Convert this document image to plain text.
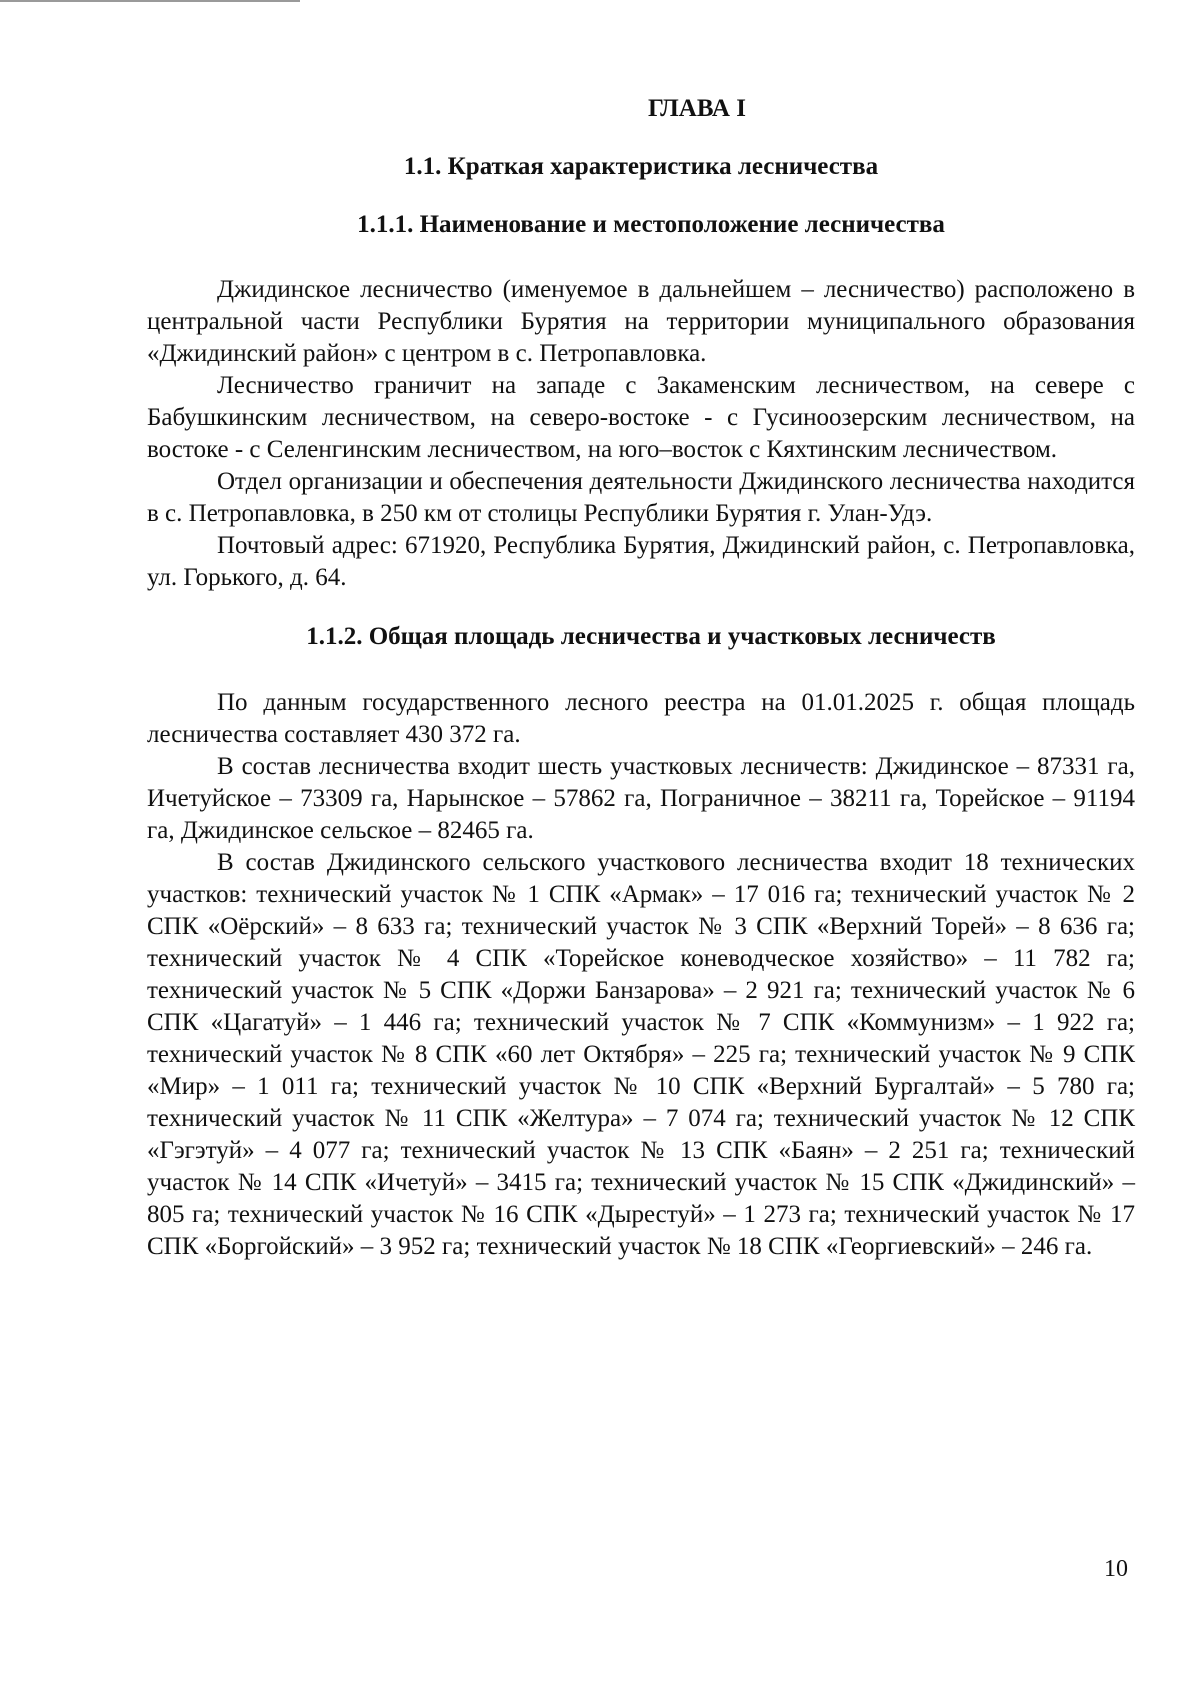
ГЛАВА I
1.1. Краткая характеристика лесничества
1.1.1. Наименование и местоположение лесничества

Джидинское лесничество (именуемое в дальнейшем – лесничество) расположено в центральной части Республики Бурятия на территории муниципального образования «Джидинский район» с центром в с. Петропавловка.

Лесничество граничит на западе с Закаменским лесничеством, на севере с Бабушкинским лесничеством, на северо-востоке - с Гусиноозерским лесничеством, на востоке - с Селенгинским лесничеством, на юго–восток с Кяхтинским лесничеством.

Отдел организации и обеспечения деятельности Джидинского лесничества находится в с. Петропавловка, в 250 км от столицы Республики Бурятия г. Улан-Удэ.

Почтовый адрес: 671920, Республика Бурятия, Джидинский район, с. Петропавловка, ул. Горького, д. 64.

1.1.2. Общая площадь лесничества и участковых лесничеств

По данным государственного лесного реестра на 01.01.2025 г. общая площадь лесничества составляет 430 372 га.

В состав лесничества входит шесть участковых лесничеств: Джидинское – 87331 га, Ичетуйское – 73309 га, Нарынское – 57862 га, Пограничное – 38211 га, Торейское – 91194 га, Джидинское сельское – 82465 га.

В состав Джидинского сельского участкового лесничества входит 18 технических участков: технический участок № 1 СПК «Армак» – 17 016 га; технический участок № 2 СПК «Оёрский» – 8 633 га; технический участок № 3 СПК «Верхний Торей» – 8 636 га; технический участок № 4 СПК «Торейское коневодческое хозяйство» – 11 782 га; технический участок № 5 СПК «Доржи Банзарова» – 2 921 га; технический участок № 6 СПК «Цагатуй» – 1 446 га; технический участок № 7 СПК «Коммунизм» – 1 922 га; технический участок № 8 СПК «60 лет Октября» – 225 га; технический участок № 9 СПК «Мир» – 1 011 га; технический участок № 10 СПК «Верхний Бургалтай» – 5 780 га; технический участок № 11 СПК «Желтура» – 7 074 га; технический участок № 12 СПК «Гэгэтуй» – 4 077 га; технический участок № 13 СПК «Баян» – 2 251 га; технический участок № 14 СПК «Ичетуй» – 3415 га; технический участок № 15 СПК «Джидинский» – 805 га; технический участок № 16 СПК «Дырестуй» – 1 273 га; технический участок № 17 СПК «Боргойский» – 3 952 га; технический участок № 18 СПК «Георгиевский» – 246 га.

10
